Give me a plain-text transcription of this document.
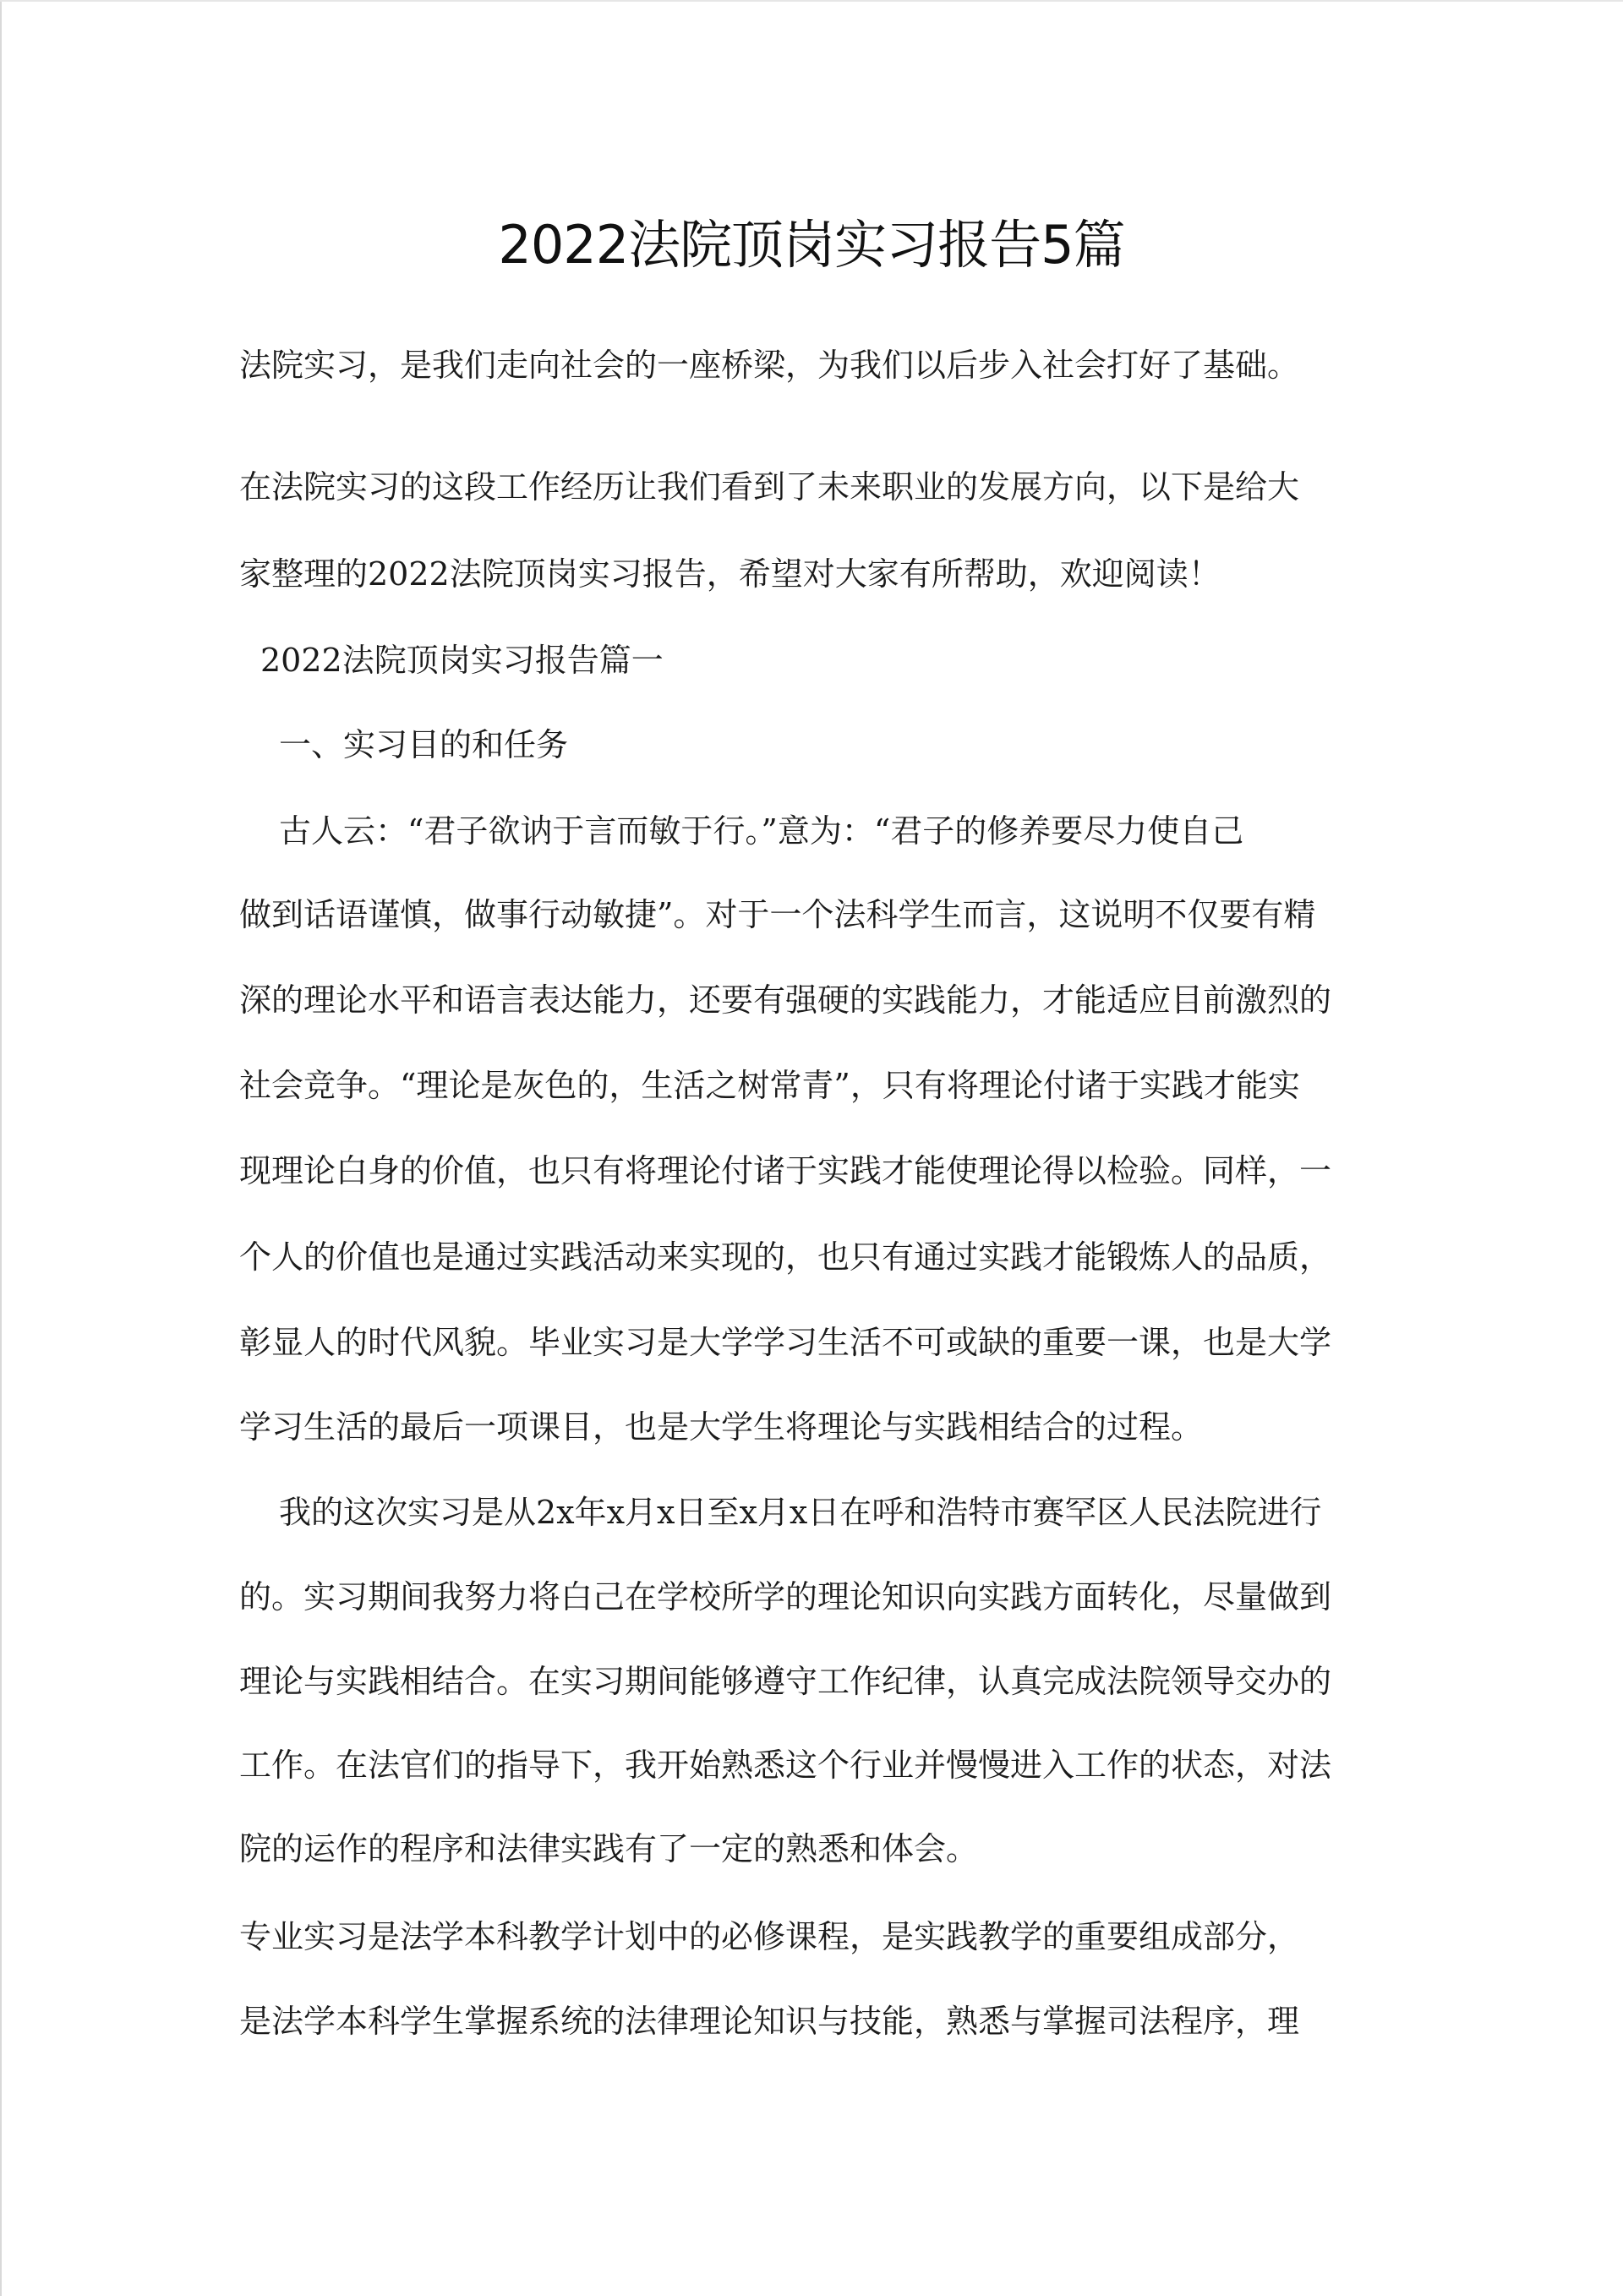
2022法院顶岗实习报告5篇
法院实习，是我们走向社会的一座桥梁，为我们以后步入社会打好了基础。
在法院实习的这段工作经历让我们看到了未来职业的发展方向，以下是给大
家整理的2022法院顶岗实习报告，希望对大家有所帮助，欢迎阅读！
2022法院顶岗实习报告篇一
一、实习目的和任务
古人云：“君子欲讷于言而敏于行。”意为：“君子的修养要尽力使自己
做到话语谨慎，做事行动敏捷”。对于一个法科学生而言，这说明不仅要有精
深的理论水平和语言表达能力，还要有强硬的实践能力，才能适应目前激烈的
社会竞争。“理论是灰色的，生活之树常青”，只有将理论付诸于实践才能实
现理论白身的价值，也只有将理论付诸于实践才能使理论得以检验。同样，一
个人的价值也是通过实践活动来实现的，也只有通过实践才能锻炼人的品质，
彰显人的时代风貌。毕业实习是大学学习生活不可或缺的重要一课，也是大学
学习生活的最后一项课目，也是大学生将理论与实践相结合的过程。
我的这次实习是从2x年x月x日至x月x日在呼和浩特市赛罕区人民法院进行
的。实习期间我努力将白己在学校所学的理论知识向实践方面转化，尽量做到
理论与实践相结合。在实习期间能够遵守工作纪律，认真完成法院领导交办的
工作。在法官们的指导下，我开始熟悉这个行业并慢慢进入工作的状态，对法
院的运作的程序和法律实践有了一定的熟悉和体会。
专业实习是法学本科教学计划中的必修课程，是实践教学的重要组成部分，
是法学本科学生掌握系统的法律理论知识与技能，熟悉与掌握司法程序，理
